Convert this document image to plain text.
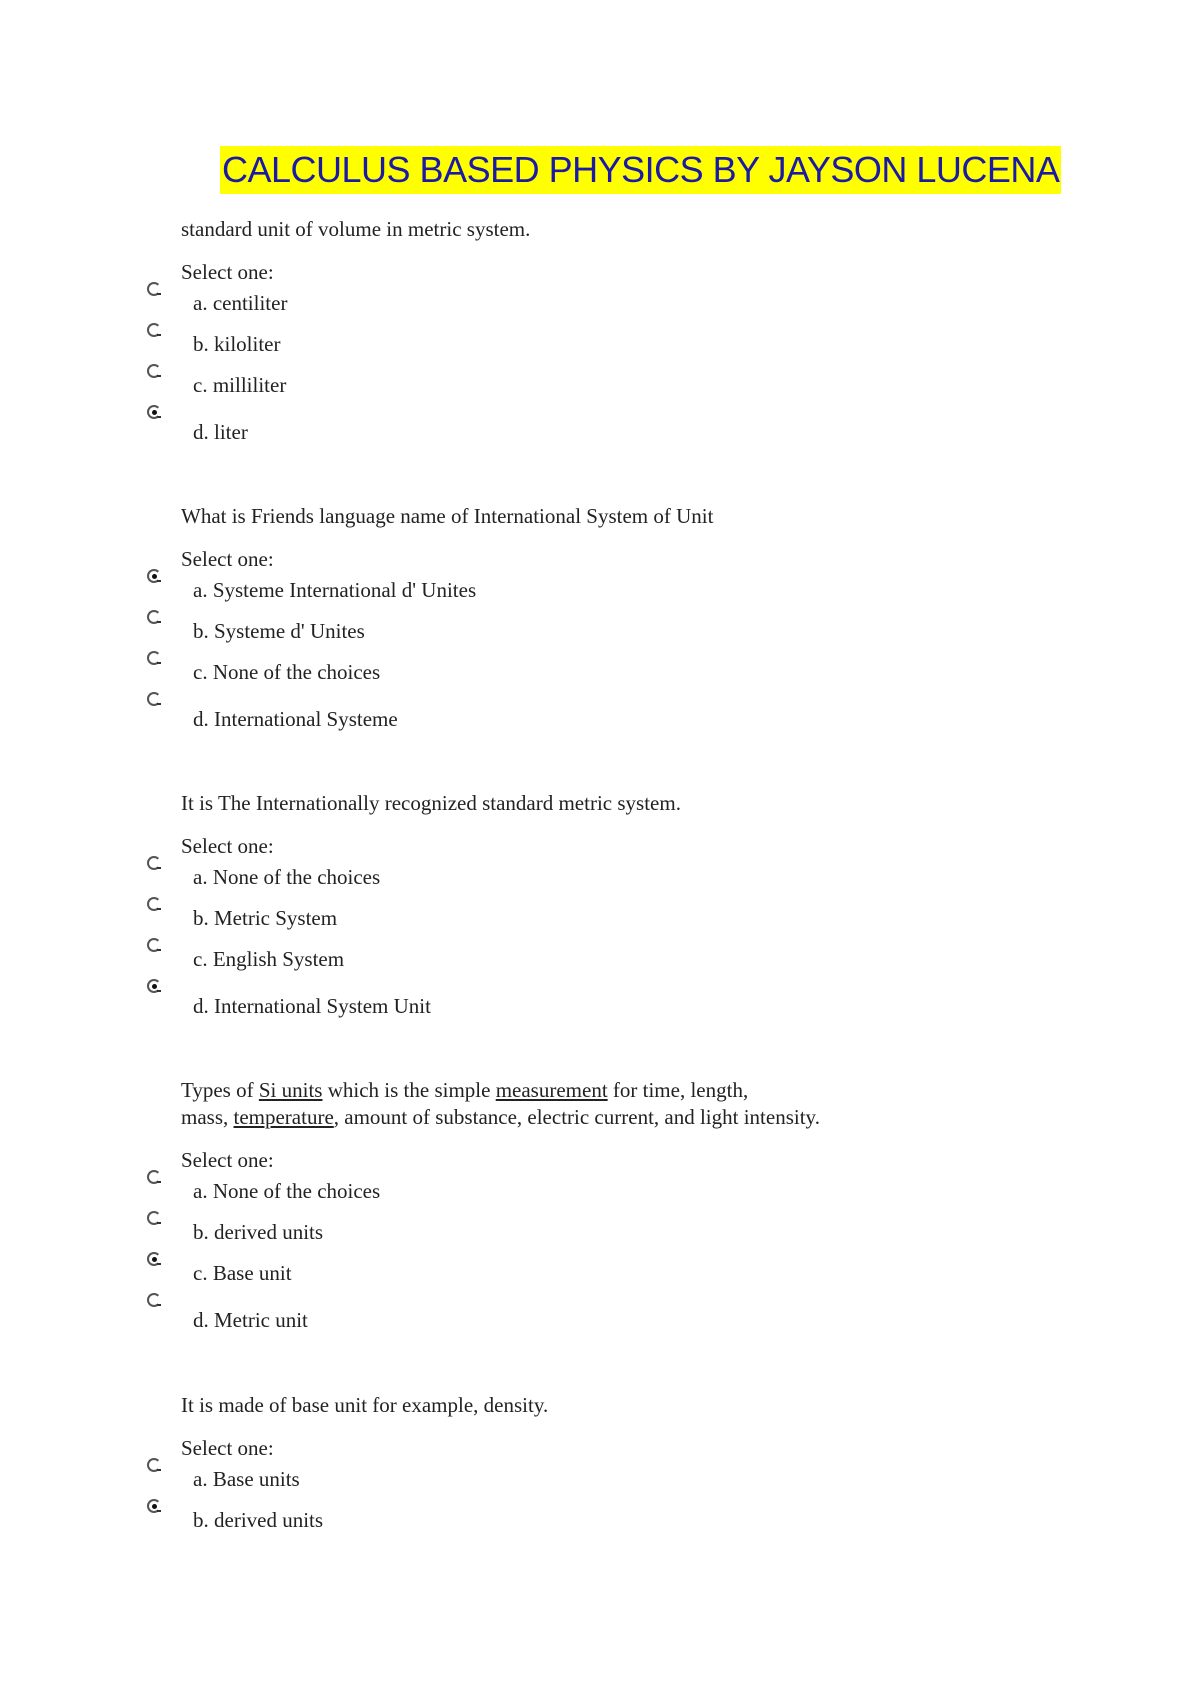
CALCULUS BASED PHYSICS BY JAYSON LUCENA

standard unit of volume in metric system.

Select one:
a. centiliter
b. kiloliter
c. milliliter
d. liter

What is Friends language name of International System of Unit

Select one:
a. Systeme International d' Unites
b. Systeme d' Unites
c. None of the choices
d. International Systeme

It is The Internationally recognized standard metric system.

Select one:
a. None of the choices
b. Metric System
c. English System
d. International System Unit

Types of Si units which is the simple measurement for time, length,
mass, temperature, amount of substance, electric current, and light intensity.

Select one:
a. None of the choices
b. derived units
c. Base unit
d. Metric unit

It is made of base unit for example, density.

Select one:
a. Base units
b. derived units
